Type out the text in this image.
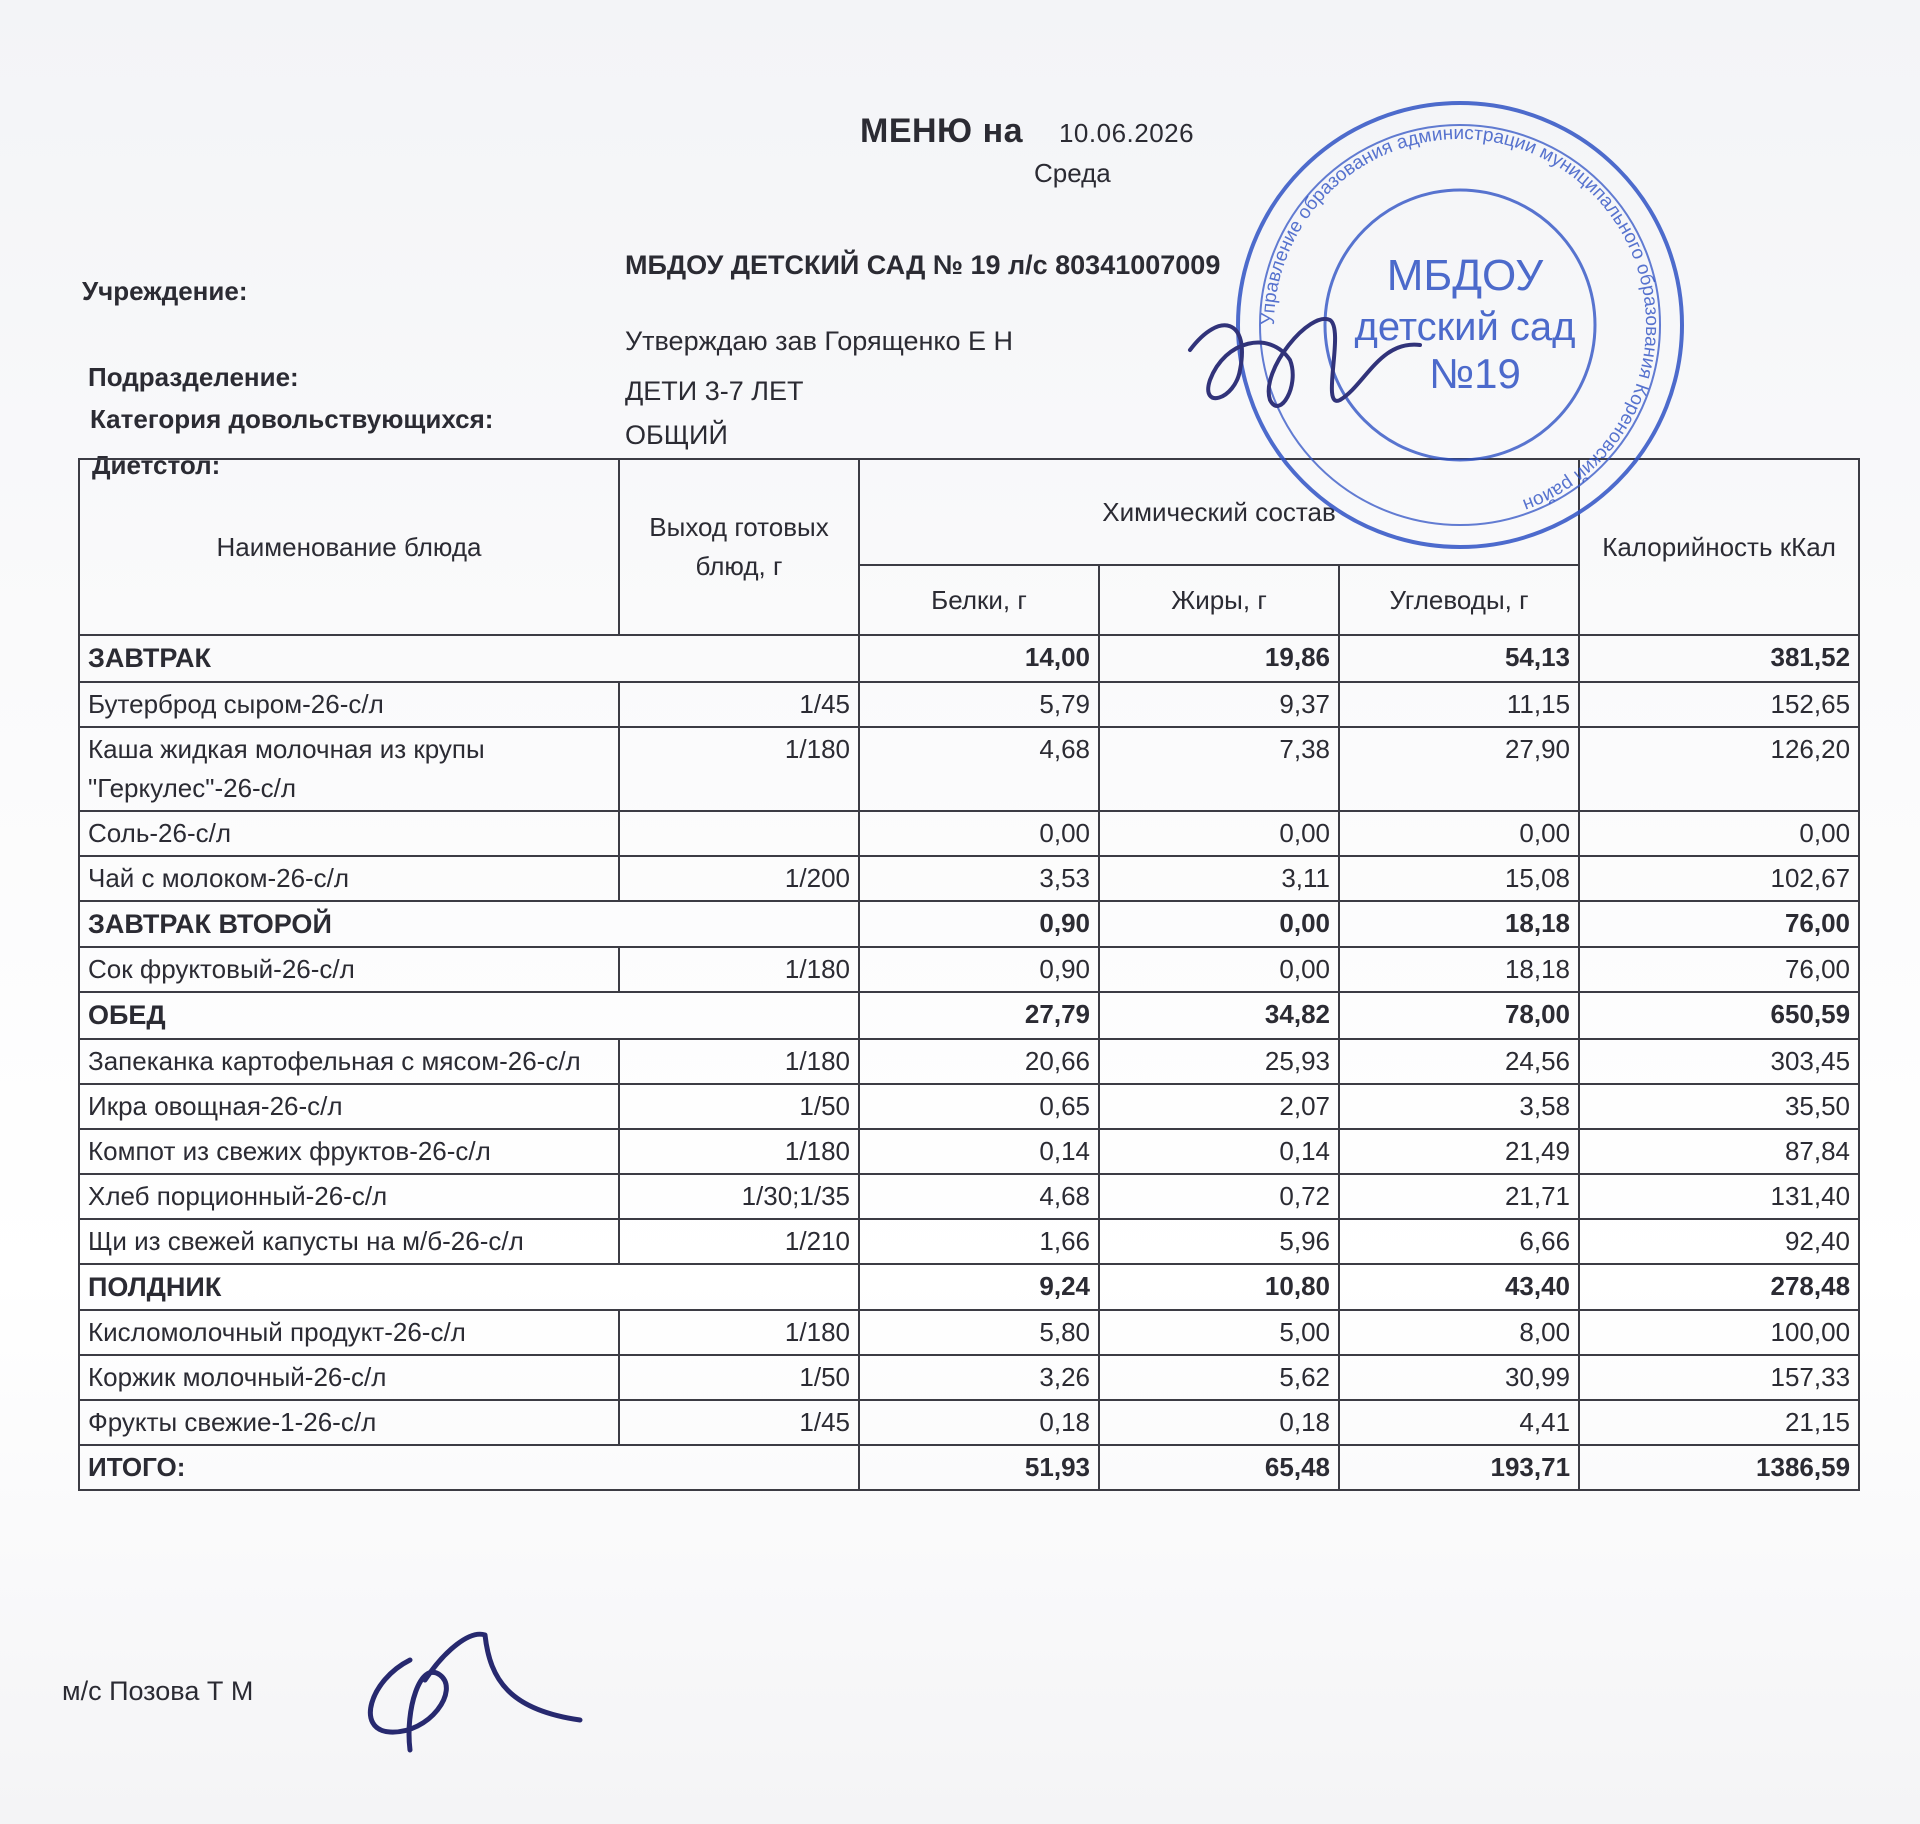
МЕНЮ на 10.06.2026
Среда
Учреждение:
МБДОУ ДЕТСКИЙ САД № 19 л/с 80341007009
Подразделение:
Утверждаю зав Горященко Е Н
Категория довольствующихся:
ДЕТИ 3-7 ЛЕТ
Диетстол:
ОБЩИЙ
Наименование блюда	Выход готовых блюд, г	Химический состав			Калорийность кКал
		Белки, г	Жиры, г	Углеводы, г	
ЗАВТРАК		14,00	19,86	54,13	381,52
Бутерброд сыром-26-с/л	1/45	5,79	9,37	11,15	152,65
Каша жидкая молочная из крупы "Геркулес"-26-с/л	1/180	4,68	7,38	27,90	126,20
Соль-26-с/л		0,00	0,00	0,00	0,00
Чай с молоком-26-с/л	1/200	3,53	3,11	15,08	102,67
ЗАВТРАК ВТОРОЙ		0,90	0,00	18,18	76,00
Сок фруктовый-26-с/л	1/180	0,90	0,00	18,18	76,00
ОБЕД		27,79	34,82	78,00	650,59
Запеканка картофельная с мясом-26-с/л	1/180	20,66	25,93	24,56	303,45
Икра овощная-26-с/л	1/50	0,65	2,07	3,58	35,50
Компот из свежих фруктов-26-с/л	1/180	0,14	0,14	21,49	87,84
Хлеб порционный-26-с/л	1/30;1/35	4,68	0,72	21,71	131,40
Щи из свежей капусты на м/б-26-с/л	1/210	1,66	5,96	6,66	92,40
ПОЛДНИК		9,24	10,80	43,40	278,48
Кисломолочный продукт-26-с/л	1/180	5,80	5,00	8,00	100,00
Коржик молочный-26-с/л	1/50	3,26	5,62	30,99	157,33
Фрукты свежие-1-26-с/л	1/45	0,18	0,18	4,41	21,15
ИТОГО:		51,93	65,48	193,71	1386,59
Управление образования администрации муниципального образования Кореновский район
МБДОУ
детский сад
№19
м/с Позова Т М
